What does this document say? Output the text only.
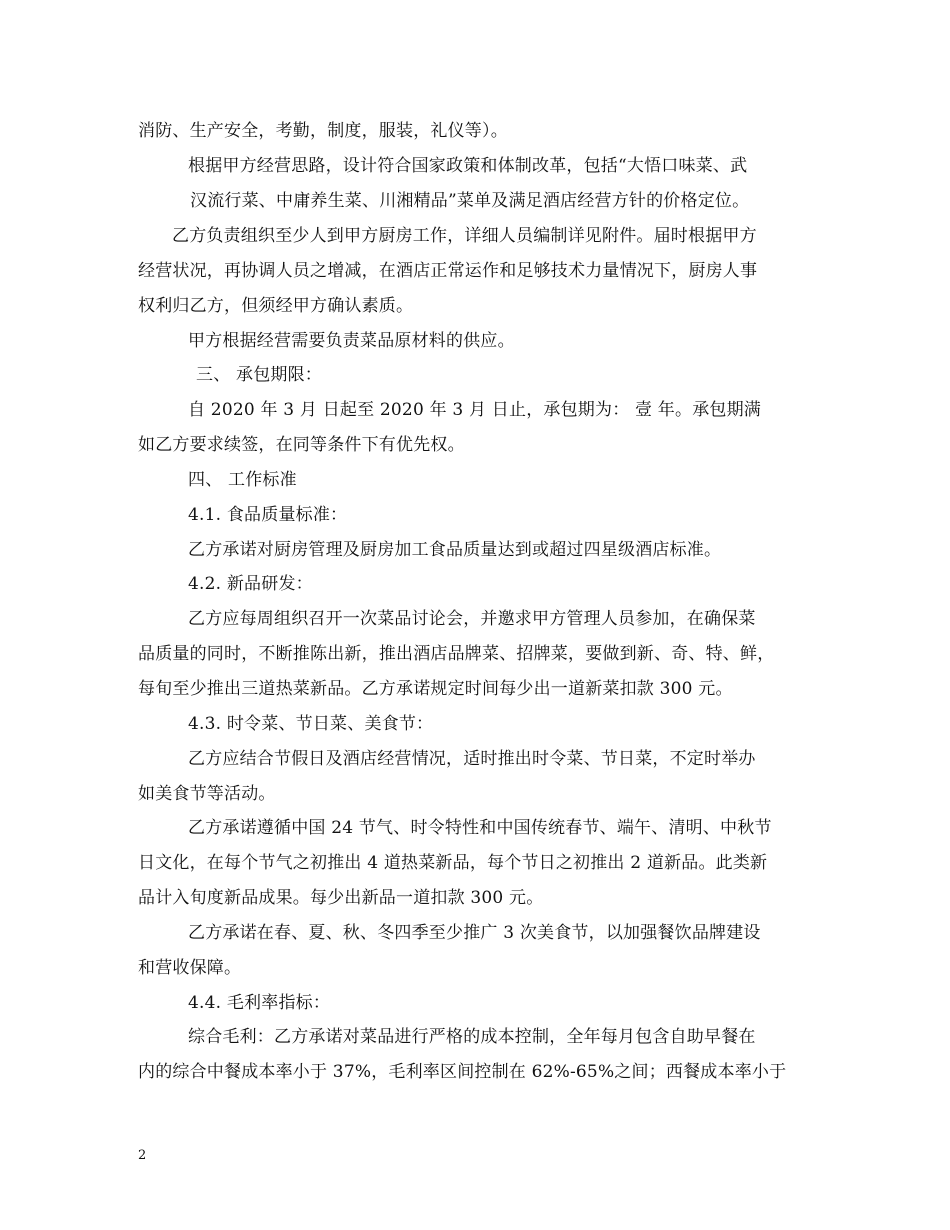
消防、生产安全，考勤，制度，服装，礼仪等）。
根据甲方经营思路，设计符合国家政策和体制改革，包括“大悟口味菜、武
汉流行菜、中庸养生菜、川湘精品”菜单及满足酒店经营方针的价格定位。
乙方负责组织至少人到甲方厨房工作，详细人员编制详见附件。届时根据甲方
经营状况，再协调人员之增减，在酒店正常运作和足够技术力量情况下，厨房人事
权利归乙方，但须经甲方确认素质。
甲方根据经营需要负责菜品原材料的供应。
三、 承包期限：
自 2020 年 3 月 日起至 2020 年 3 月 日止，承包期为： 壹 年。承包期满
如乙方要求续签，在同等条件下有优先权。
四、 工作标准
4.1. 食品质量标准：
乙方承诺对厨房管理及厨房加工食品质量达到或超过四星级酒店标准。
4.2. 新品研发：
乙方应每周组织召开一次菜品讨论会，并邀求甲方管理人员参加，在确保菜
品质量的同时，不断推陈出新，推出酒店品牌菜、招牌菜，要做到新、奇、特、鲜，
每旬至少推出三道热菜新品。乙方承诺规定时间每少出一道新菜扣款 300 元。
4.3. 时令菜、节日菜、美食节：
乙方应结合节假日及酒店经营情况，适时推出时令菜、节日菜，不定时举办
如美食节等活动。
乙方承诺遵循中国 24 节气、时令特性和中国传统春节、端午、清明、中秋节
日文化，在每个节气之初推出 4 道热菜新品，每个节日之初推出 2 道新品。此类新
品计入旬度新品成果。每少出新品一道扣款 300 元。
乙方承诺在春、夏、秋、冬四季至少推广 3 次美食节，以加强餐饮品牌建设
和营收保障。
4.4. 毛利率指标：
综合毛利：乙方承诺对菜品进行严格的成本控制，全年每月包含自助早餐在
内的综合中餐成本率小于 37%，毛利率区间控制在 62%-65%之间；西餐成本率小于
2
